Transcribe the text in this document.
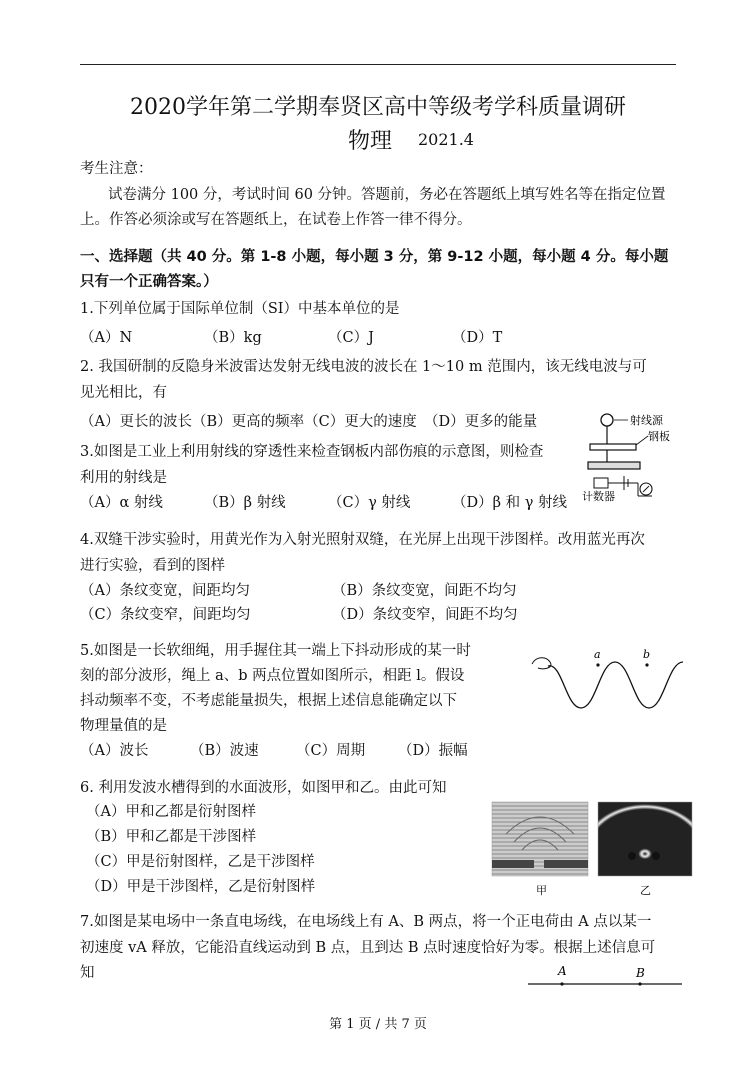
2020学年第二学期奉贤区高中等级考学科质量调研
物理 2021.4
考生注意：
试卷满分 100 分，考试时间 60 分钟。答题前，务必在答题纸上填写姓名等在指定位置
上。作答必须涂或写在答题纸上，在试卷上作答一律不得分。
一、选择题（共 40 分。第 1-8 小题，每小题 3 分，第 9-12 小题，每小题 4 分。每小题
只有一个正确答案。）
1.下列单位属于国际单位制（SI）中基本单位的是
（A）N	（B）kg	（C）J	（D）T
2. 我国研制的反隐身米波雷达发射无线电波的波长在 1～10 m 范围内，该无线电波与可
见光相比，有
（A）更长的波长（B）更高的频率（C）更大的速度　（D）更多的能量
3.如图是工业上利用射线的穿透性来检查钢板内部伤痕的示意图，则检查
利用的射线是
（A）α 射线	（B）β 射线	（C）γ 射线	（D）β 和 γ 射线
射线源
钢板
计数器
4.双缝干涉实验时，用黄光作为入射光照射双缝，在光屏上出现干涉图样。改用蓝光再次
进行实验，看到的图样
（A）条纹变宽，间距均匀	（B）条纹变宽，间距不均匀
（C）条纹变窄，间距均匀	（D）条纹变窄，间距不均匀
5.如图是一长软细绳，用手握住其一端上下抖动形成的某一时
刻的部分波形，绳上 a、b 两点位置如图所示，相距 l。假设
抖动频率不变，不考虑能量损失，根据上述信息能确定以下
物理量值的是
（A）波长	（B）波速	（C）周期 （D）振幅
a	b
6. 利用发波水槽得到的水面波形，如图甲和乙。由此可知
（A）甲和乙都是衍射图样
（B）甲和乙都是干涉图样
（C）甲是衍射图样，乙是干涉图样
（D）甲是干涉图样，乙是衍射图样	甲	乙
7.如图是某电场中一条直电场线，在电场线上有 A、B 两点，将一个正电荷由 A 点以某一
初速度 vA 释放，它能沿直线运动到 B 点，且到达 B 点时速度恰好为零。根据上述信息可
知	A	B
第 1 页 / 共 7 页
